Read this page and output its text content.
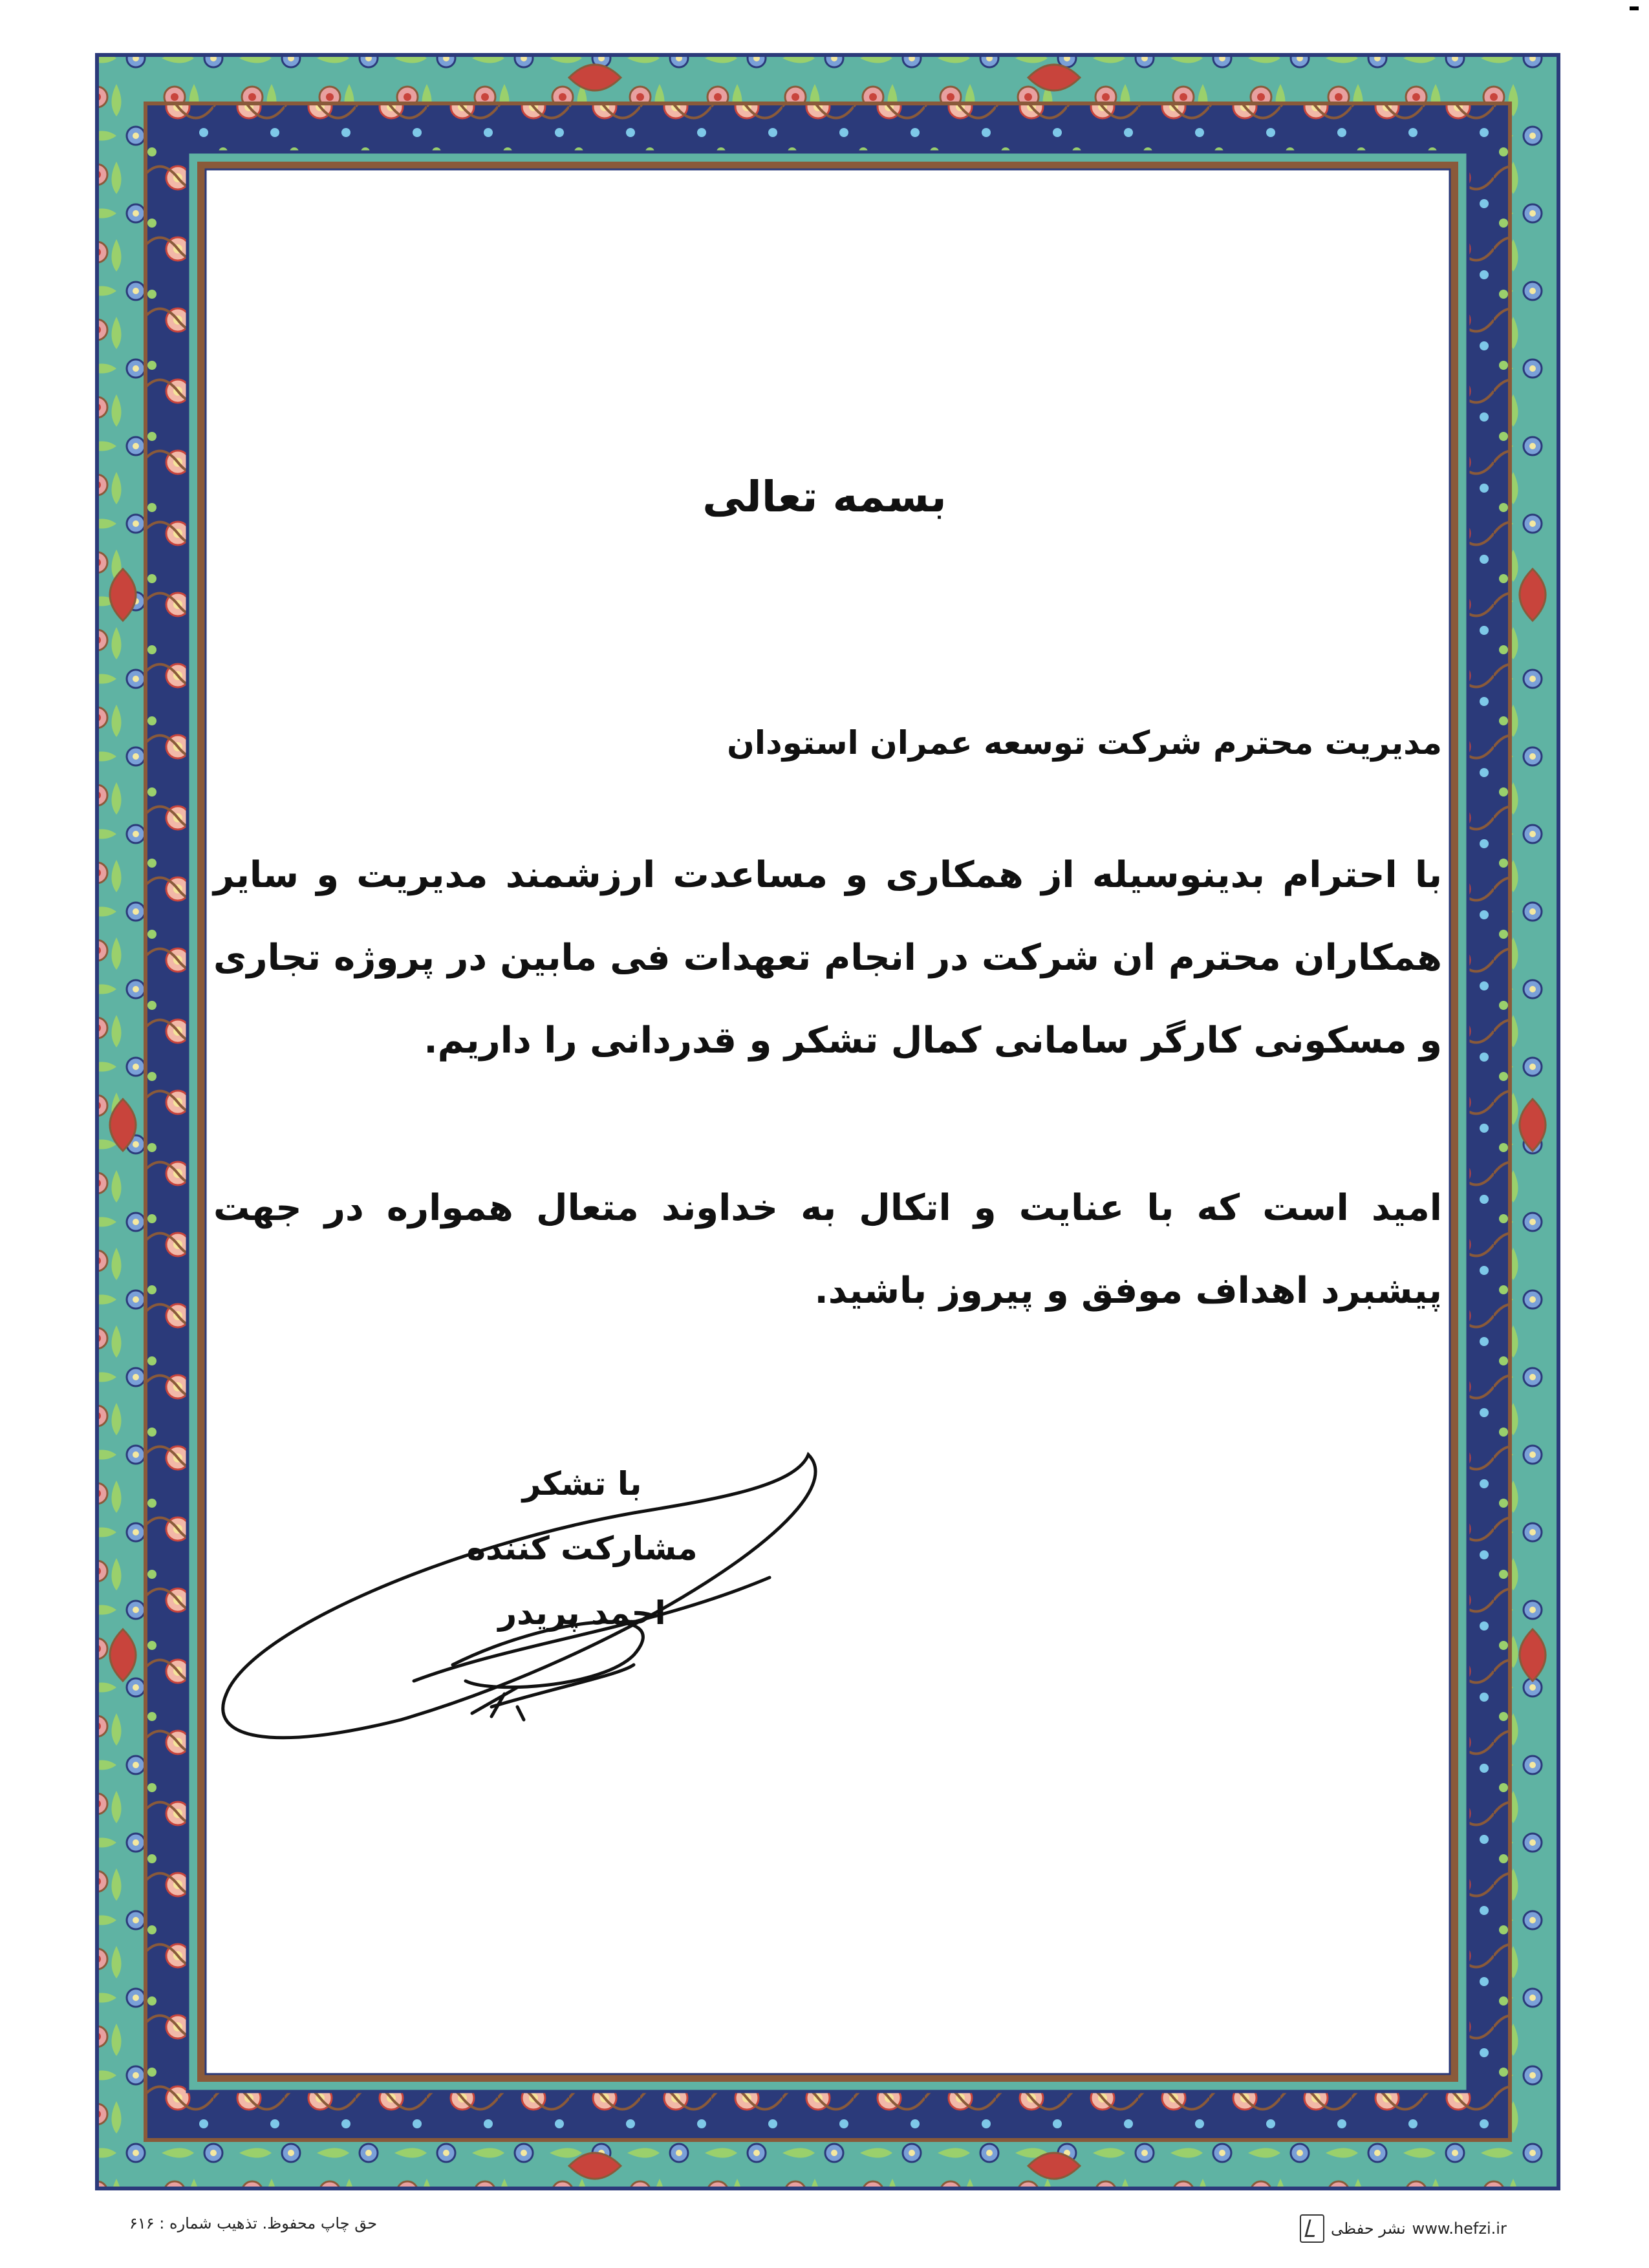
بسمه تعالی
مدیریت محترم شرکت توسعه عمران استودان
با احترام بدینوسیله از همکاری و مساعدت ارزشمند مدیریت و سایر همکاران محترم ان شرکت در انجام تعهدات فی مابین در پروژه تجاری و مسکونی کارگر سامانی کمال تشکر و قدردانی را داریم.
امید است که با عنایت و اتکال به خداوند متعال همواره در جهت پیشبرد اهداف موفق و پیروز باشید.
با تشکر
مشارکت کننده
احمد پریدر
حق چاپ محفوظ. تذهیب شماره : ۶۱۶	www.hefzi.ir
نشر حفظی
